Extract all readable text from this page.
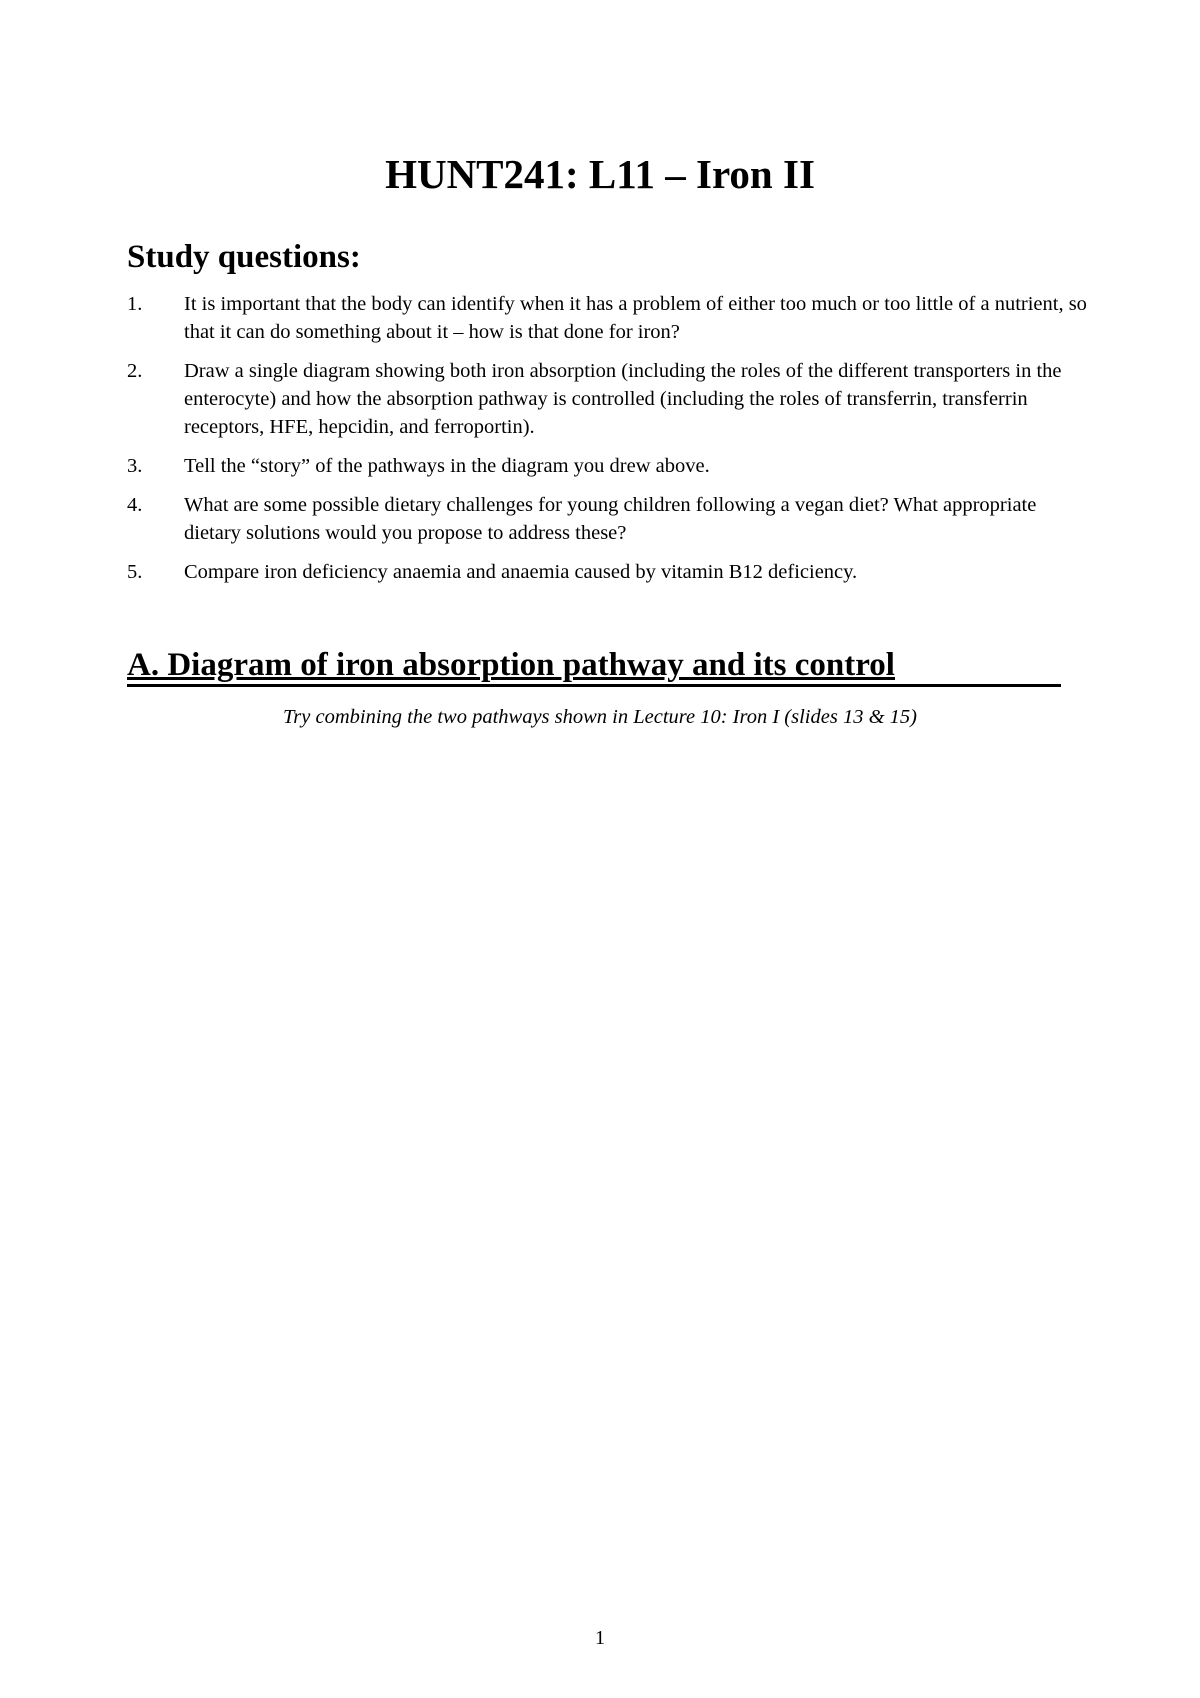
HUNT241: L11 – Iron II
Study questions:
1. It is important that the body can identify when it has a problem of either too much or too little of a nutrient, so that it can do something about it – how is that done for iron?
2. Draw a single diagram showing both iron absorption (including the roles of the different transporters in the enterocyte) and how the absorption pathway is controlled (including the roles of transferrin, transferrin receptors, HFE, hepcidin, and ferroportin).
3. Tell the “story” of the pathways in the diagram you drew above.
4. What are some possible dietary challenges for young children following a vegan diet? What appropriate dietary solutions would you propose to address these?
5. Compare iron deficiency anaemia and anaemia caused by vitamin B12 deficiency.
A. Diagram of iron absorption pathway and its control

Try combining the two pathways shown in Lecture 10: Iron I (slides 13 & 15)

1
